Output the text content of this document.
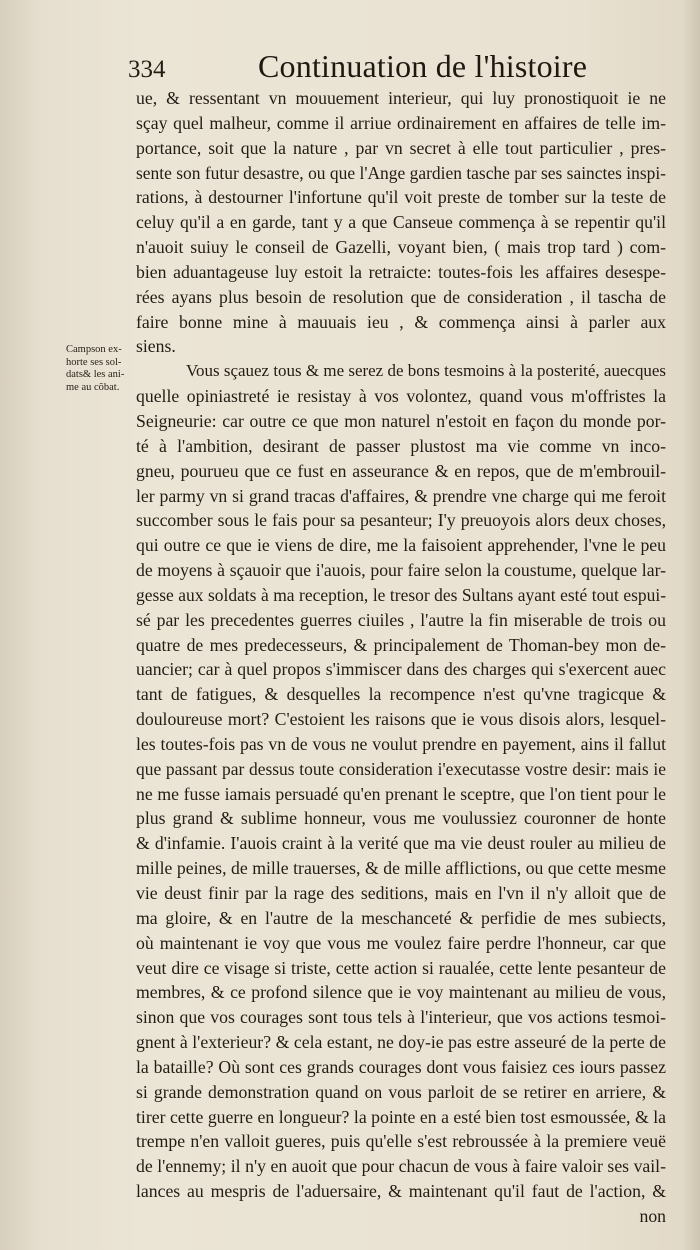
334	Continuation de l'histoire
Campson ex-
horte ses sol-
dats& les ani-
me au cõbat.
ue, & ressentant vn mouuement interieur, qui luy pronostiquoit ie ne
sçay quel malheur, comme il arriue ordinairement en affaires de telle im-
portance, soit que la nature , par vn secret à elle tout particulier , pres-
sente son futur desastre, ou que l'Ange gardien tasche par ses sainctes inspi-
rations, à destourner l'infortune qu'il voit preste de tomber sur la teste de
celuy qu'il a en garde, tant y a que Canseue commença à se repentir qu'il
n'auoit suiuy le conseil de Gazelli, voyant bien, ( mais trop tard ) com-
bien aduantageuse luy estoit la retraicte: toutes-fois les affaires desespe-
rées ayans plus besoin de resolution que de consideration , il tascha de
faire bonne mine à mauuais ieu , & commença ainsi à parler aux
siens.
Vous sçauez tous & me serez de bons tesmoins à la posterité, auecques
quelle opiniastreté ie resistay à vos volontez, quand vous m'offristes la
Seigneurie: car outre ce que mon naturel n'estoit en façon du monde por-
té à l'ambition, desirant de passer plustost ma vie comme vn inco-
gneu, pourueu que ce fust en asseurance & en repos, que de m'embrouil-
ler parmy vn si grand tracas d'affaires, & prendre vne charge qui me feroit
succomber sous le fais pour sa pesanteur; I'y preuoyois alors deux choses,
qui outre ce que ie viens de dire, me la faisoient apprehender, l'vne le peu
de moyens à sçauoir que i'auois, pour faire selon la coustume, quelque lar-
gesse aux soldats à ma reception, le tresor des Sultans ayant esté tout espui-
sé par les precedentes guerres ciuiles , l'autre la fin miserable de trois ou
quatre de mes predecesseurs, & principalement de Thoman-bey mon de-
uancier; car à quel propos s'immiscer dans des charges qui s'exercent auec
tant de fatigues, & desquelles la recompence n'est qu'vne tragicque &
douloureuse mort? C'estoient les raisons que ie vous disois alors, lesquel-
les toutes-fois pas vn de vous ne voulut prendre en payement, ains il fallut
que passant par dessus toute consideration i'executasse vostre desir: mais ie
ne me fusse iamais persuadé qu'en prenant le sceptre, que l'on tient pour le
plus grand & sublime honneur, vous me voulussiez couronner de honte
& d'infamie. I'auois craint à la verité que ma vie deust rouler au milieu de
mille peines, de mille trauerses, & de mille afflictions, ou que cette mesme
vie deust finir par la rage des seditions, mais en l'vn il n'y alloit que de
ma gloire, & en l'autre de la meschanceté & perfidie de mes subiects,
où maintenant ie voy que vous me voulez faire perdre l'honneur, car que
veut dire ce visage si triste, cette action si raualée, cette lente pesanteur de
membres, & ce profond silence que ie voy maintenant au milieu de vous,
sinon que vos courages sont tous tels à l'interieur, que vos actions tesmoi-
gnent à l'exterieur? & cela estant, ne doy-ie pas estre asseuré de la perte de
la bataille? Où sont ces grands courages dont vous faisiez ces iours passez
si grande demonstration quand on vous parloit de se retirer en arriere, &
tirer cette guerre en longueur? la pointe en a esté bien tost esmoussée, & la
trempe n'en valloit gueres, puis qu'elle s'est rebroussée à la premiere veuë
de l'ennemy; il n'y en auoit que pour chacun de vous à faire valoir ses vail-
lances au mespris de l'aduersaire, & maintenant qu'il faut de l'action, &
non
